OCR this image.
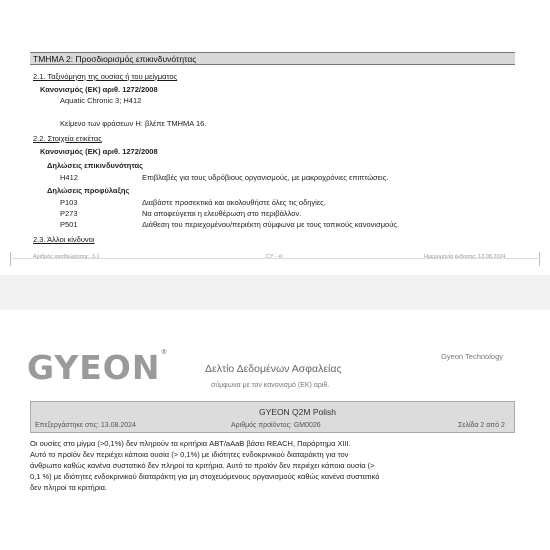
ΤΜΗΜΑ 2: Προσδιορισμός επικινδυνότητας
2.1. Ταξινόμηση της ουσίας ή του μείγματος
Κανονισμός (ΕΚ) αριθ. 1272/2008
Aquatic Chronic 3; H412
Κείμενο των φράσεων Η: βλέπε ΤΜΗΜΑ 16.
2.2. Στοιχεία ετικέτας
Κανονισμός (ΕΚ) αριθ. 1272/2008
Δηλώσεις επικινδυνότητας
H412	Επιβλαβές για τους υδρόβιους οργανισμούς, με μακροχρόνιες επιπτώσεις.
Δηλώσεις προφύλαξης
P103	Διαβάστε προσεκτικά και ακολουθήστε όλες τις οδηγίες.
P273	Να αποφεύγεται η ελευθέρωση στο περιβάλλον.
P501	Διάθεση του περιεχομένου/περιέκτη σύμφωνα με τους τοπικούς κανονισμούς.
2.3. Άλλοι κίνδυνοι
Αριθμός αναθεώρησης: 3,1	CY - el	Ημερομηνία έκδοσης: 13.08.2024
GYEON®
Δελτίο Δεδομένων Ασφαλείας
σύμφωνα με τον κανονισμό (ΕΚ) αριθ.
Gyeon Technology
GYEON Q2M Polish
Επεξεργάστηκε στις: 13.08.2024	Αριθμός προϊόντος: GM0026	Σελίδα 2 από 2
Οι ουσίες στο μίγμα (>0,1%) δεν πληρούν τα κριτήρια ABT/aAaB βάσει REACH, Παράρτημα XIII.
Αυτό το προϊόν δεν περιέχει κάποια ουσία (> 0,1%) με ιδιότητες ενδοκρινικού διαταράκτη για τον
άνθρωπο καθώς κανένα συστατικό δεν πληροί τα κριτήρια. Αυτό το προϊόν δεν περιέχει κάποια ουσία (>
0,1 %) με ιδιότητες ενδοκρινικού διαταράκτη για μη στοχευόμενους οργανισμούς καθώς κανένα συστατικό
δεν πληροί τα κριτήρια.
